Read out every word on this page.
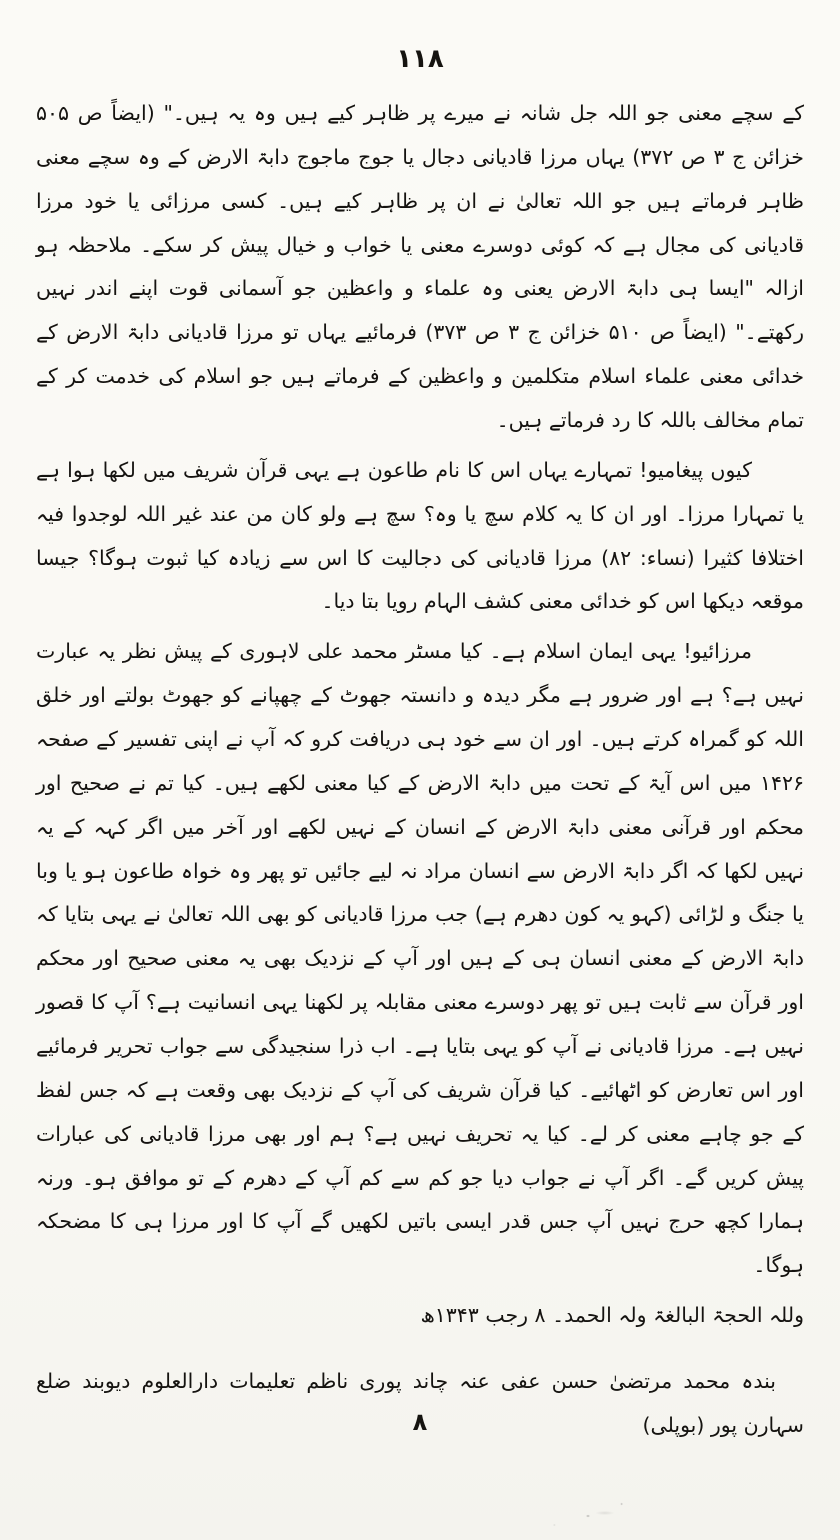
۱۱۸

کے سچے معنی جو اللہ جل شانہ نے میرے پر ظاہر کیے ہیں وہ یہ ہیں۔" (ایضاً ص ۵۰۵ خزائن ج ۳ ص ۳۷۲) یہاں مرزا قادیانی دجال یا جوج ماجوج دابۃ الارض کے وہ سچے معنی ظاہر فرماتے ہیں جو اللہ تعالیٰ نے ان پر ظاہر کیے ہیں۔ کسی مرزائی یا خود مرزا قادیانی کی مجال ہے کہ کوئی دوسرے معنی یا خواب و خیال پیش کر سکے۔ ملاحظہ ہو ازالہ "ایسا ہی دابۃ الارض یعنی وہ علماء و واعظین جو آسمانی قوت اپنے اندر نہیں رکھتے۔" (ایضاً ص ۵۱۰ خزائن ج ۳ ص ۳۷۳) فرمائیے یہاں تو مرزا قادیانی دابۃ الارض کے خدائی معنی علماء اسلام متکلمین و واعظین کے فرماتے ہیں جو اسلام کی خدمت کر کے تمام مخالف باللہ کا رد فرماتے ہیں۔

کیوں پیغامیو! تمہارے یہاں اس کا نام طاعون ہے یہی قرآن شریف میں لکھا ہوا ہے یا تمہارا مرزا۔ اور ان کا یہ کلام سچ یا وہ؟ سچ ہے ولو کان من عند غیر اللہ لوجدوا فیہ اختلافا کثیرا (نساء: ۸۲) مرزا قادیانی کی دجالیت کا اس سے زیادہ کیا ثبوت ہوگا؟ جیسا موقعہ دیکھا اس کو خدائی معنی کشف الہام رویا بتا دیا۔

مرزائیو! یہی ایمان اسلام ہے۔ کیا مسٹر محمد علی لاہوری کے پیش نظر یہ عبارت نہیں ہے؟ ہے اور ضرور ہے مگر دیدہ و دانستہ جھوٹ کے چھپانے کو جھوٹ بولتے اور خلق اللہ کو گمراہ کرتے ہیں۔ اور ان سے خود ہی دریافت کرو کہ آپ نے اپنی تفسیر کے صفحہ ۱۴۲۶ میں اس آیۃ کے تحت میں دابۃ الارض کے کیا معنی لکھے ہیں۔ کیا تم نے صحیح اور محکم اور قرآنی معنی دابۃ الارض کے انسان کے نہیں لکھے اور آخر میں اگر کہہ کے یہ نہیں لکھا کہ اگر دابۃ الارض سے انسان مراد نہ لیے جائیں تو پھر وہ خواہ طاعون ہو یا وبا یا جنگ و لڑائی (کہو یہ کون دھرم ہے) جب مرزا قادیانی کو بھی اللہ تعالیٰ نے یہی بتایا کہ دابۃ الارض کے معنی انسان ہی کے ہیں اور آپ کے نزدیک بھی یہ معنی صحیح اور محکم اور قرآن سے ثابت ہیں تو پھر دوسرے معنی مقابلہ پر لکھنا یہی انسانیت ہے؟ آپ کا قصور نہیں ہے۔ مرزا قادیانی نے آپ کو یہی بتایا ہے۔ اب ذرا سنجیدگی سے جواب تحریر فرمائیے اور اس تعارض کو اٹھائیے۔ کیا قرآن شریف کی آپ کے نزدیک بھی وقعت ہے کہ جس لفظ کے جو چاہے معنی کر لے۔ کیا یہ تحریف نہیں ہے؟ ہم اور بھی مرزا قادیانی کی عبارات پیش کریں گے۔ اگر آپ نے جواب دیا جو کم سے کم آپ کے دھرم کے تو موافق ہو۔ ورنہ ہمارا کچھ حرج نہیں آپ جس قدر ایسی باتیں لکھیں گے آپ کا اور مرزا ہی کا مضحکہ ہوگا۔

وللہ الحجۃ البالغۃ ولہ الحمد۔ ۸ رجب ۱۳۴۳ھ

بندہ محمد مرتضیٰ حسن عفی عنہ چاند پوری ناظم تعلیمات دارالعلوم دیوبند ضلع سہارن پور (بوپلی)

۸
